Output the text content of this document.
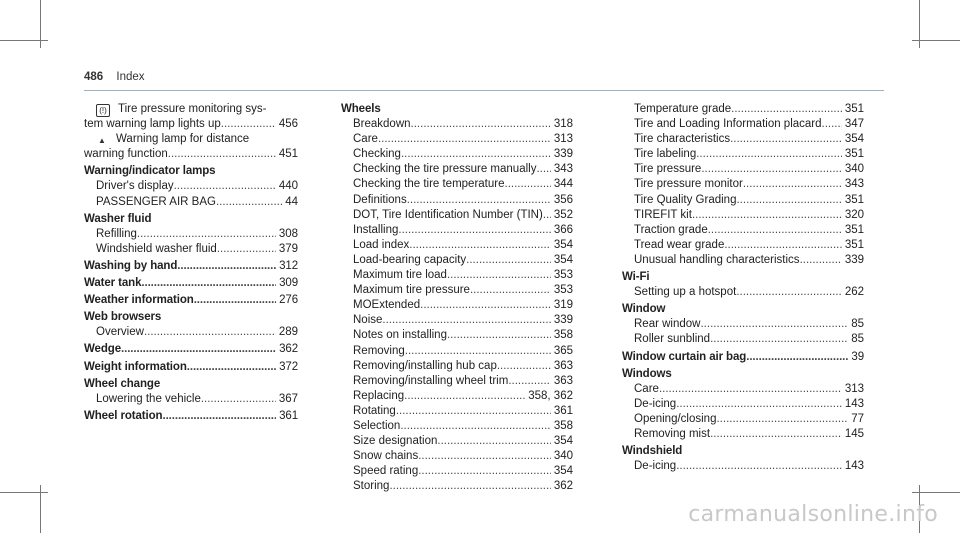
486 Index
(!) Tire pressure monitoring sys-
tem warning lamp lights up .....	456
▲ Warning lamp for distance
warning function .....	451
Warning/indicator lamps
Driver's display .....	440
PASSENGER AIR BAG .....	44
Washer fluid
Refilling .....	308
Windshield washer fluid .....	379
Washing by hand .....	312
Water tank .....	309
Weather information .....	276
Web browsers
Overview .....	289
Wedge .....	362
Weight information .....	372
Wheel change
Lowering the vehicle .....	367
Wheel rotation .....	361
Wheels
Breakdown .....	318
Care .....	313
Checking .....	339
Checking the tire pressure manually ..... 343
Checking the tire temperature .....	344
Definitions .....	356
DOT, Tire Identification Number (TIN) ..... 352
Installing .....	366
Load index .....	354
Load-bearing capacity .....	354
Maximum tire load .....	353
Maximum tire pressure .....	353
MOExtended .....	319
Noise .....	339
Notes on installing .....	358
Removing .....	365
Removing/installing hub cap .....	363
Removing/installing wheel trim .....	363
Replacing .....	358, 362
Rotating .....	361
Selection .....	358
Size designation .....	354
Snow chains .....	340
Speed rating .....	354
Storing .....	362
Temperature grade .....	351
Tire and Loading Information placard ..... 347
Tire characteristics .....	354
Tire labeling .....	351
Tire pressure .....	340
Tire pressure monitor .....	343
Tire Quality Grading .....	351
TIREFIT kit .....	320
Traction grade .....	351
Tread wear grade .....	351
Unusual handling characteristics .....	339
Wi-Fi
Setting up a hotspot .....	262
Window
Rear window .....	85
Roller sunblind .....	85
Window curtain air bag .....	39
Windows
Care .....	313
De-icing .....	143
Opening/closing .....	77
Removing mist .....	145
Windshield
De-icing .....	143
carmanualsonline.info
